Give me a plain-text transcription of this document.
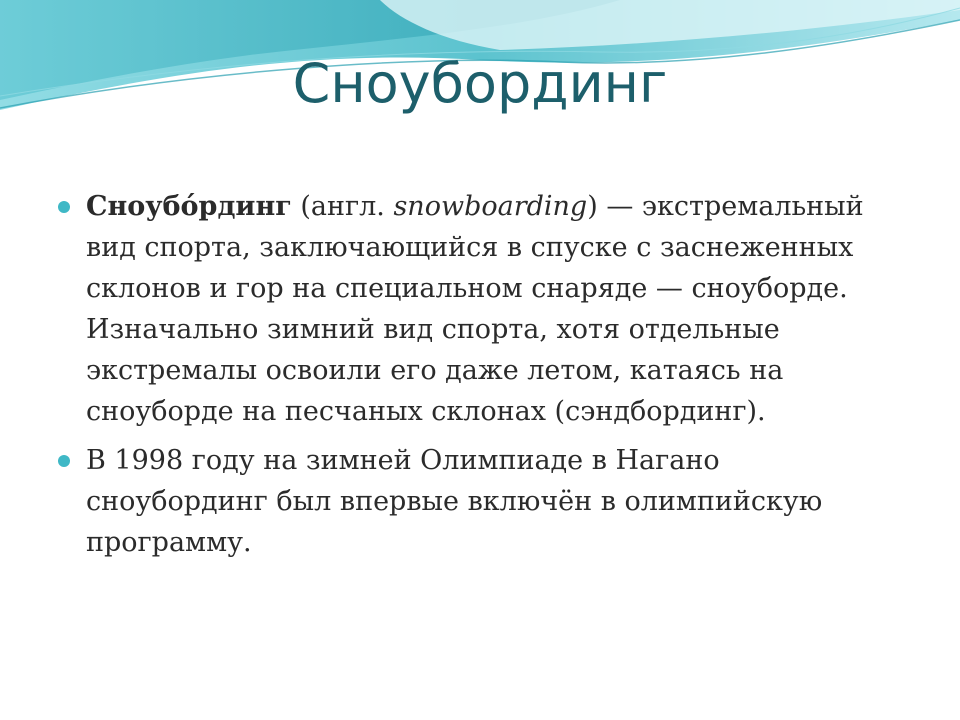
Сноубординг
Сноубо́рдинг (англ. snowboarding) — экстремальный вид спорта, заключающийся в спуске с заснеженных склонов и гор на специальном снаряде — сноуборде. Изначально зимний вид спорта, хотя отдельные экстремалы освоили его даже летом, катаясь на сноуборде на песчаных склонах (сэндбординг).
В 1998 году на зимней Олимпиаде в Нагано сноубординг был впервые включён в олимпийскую программу.
